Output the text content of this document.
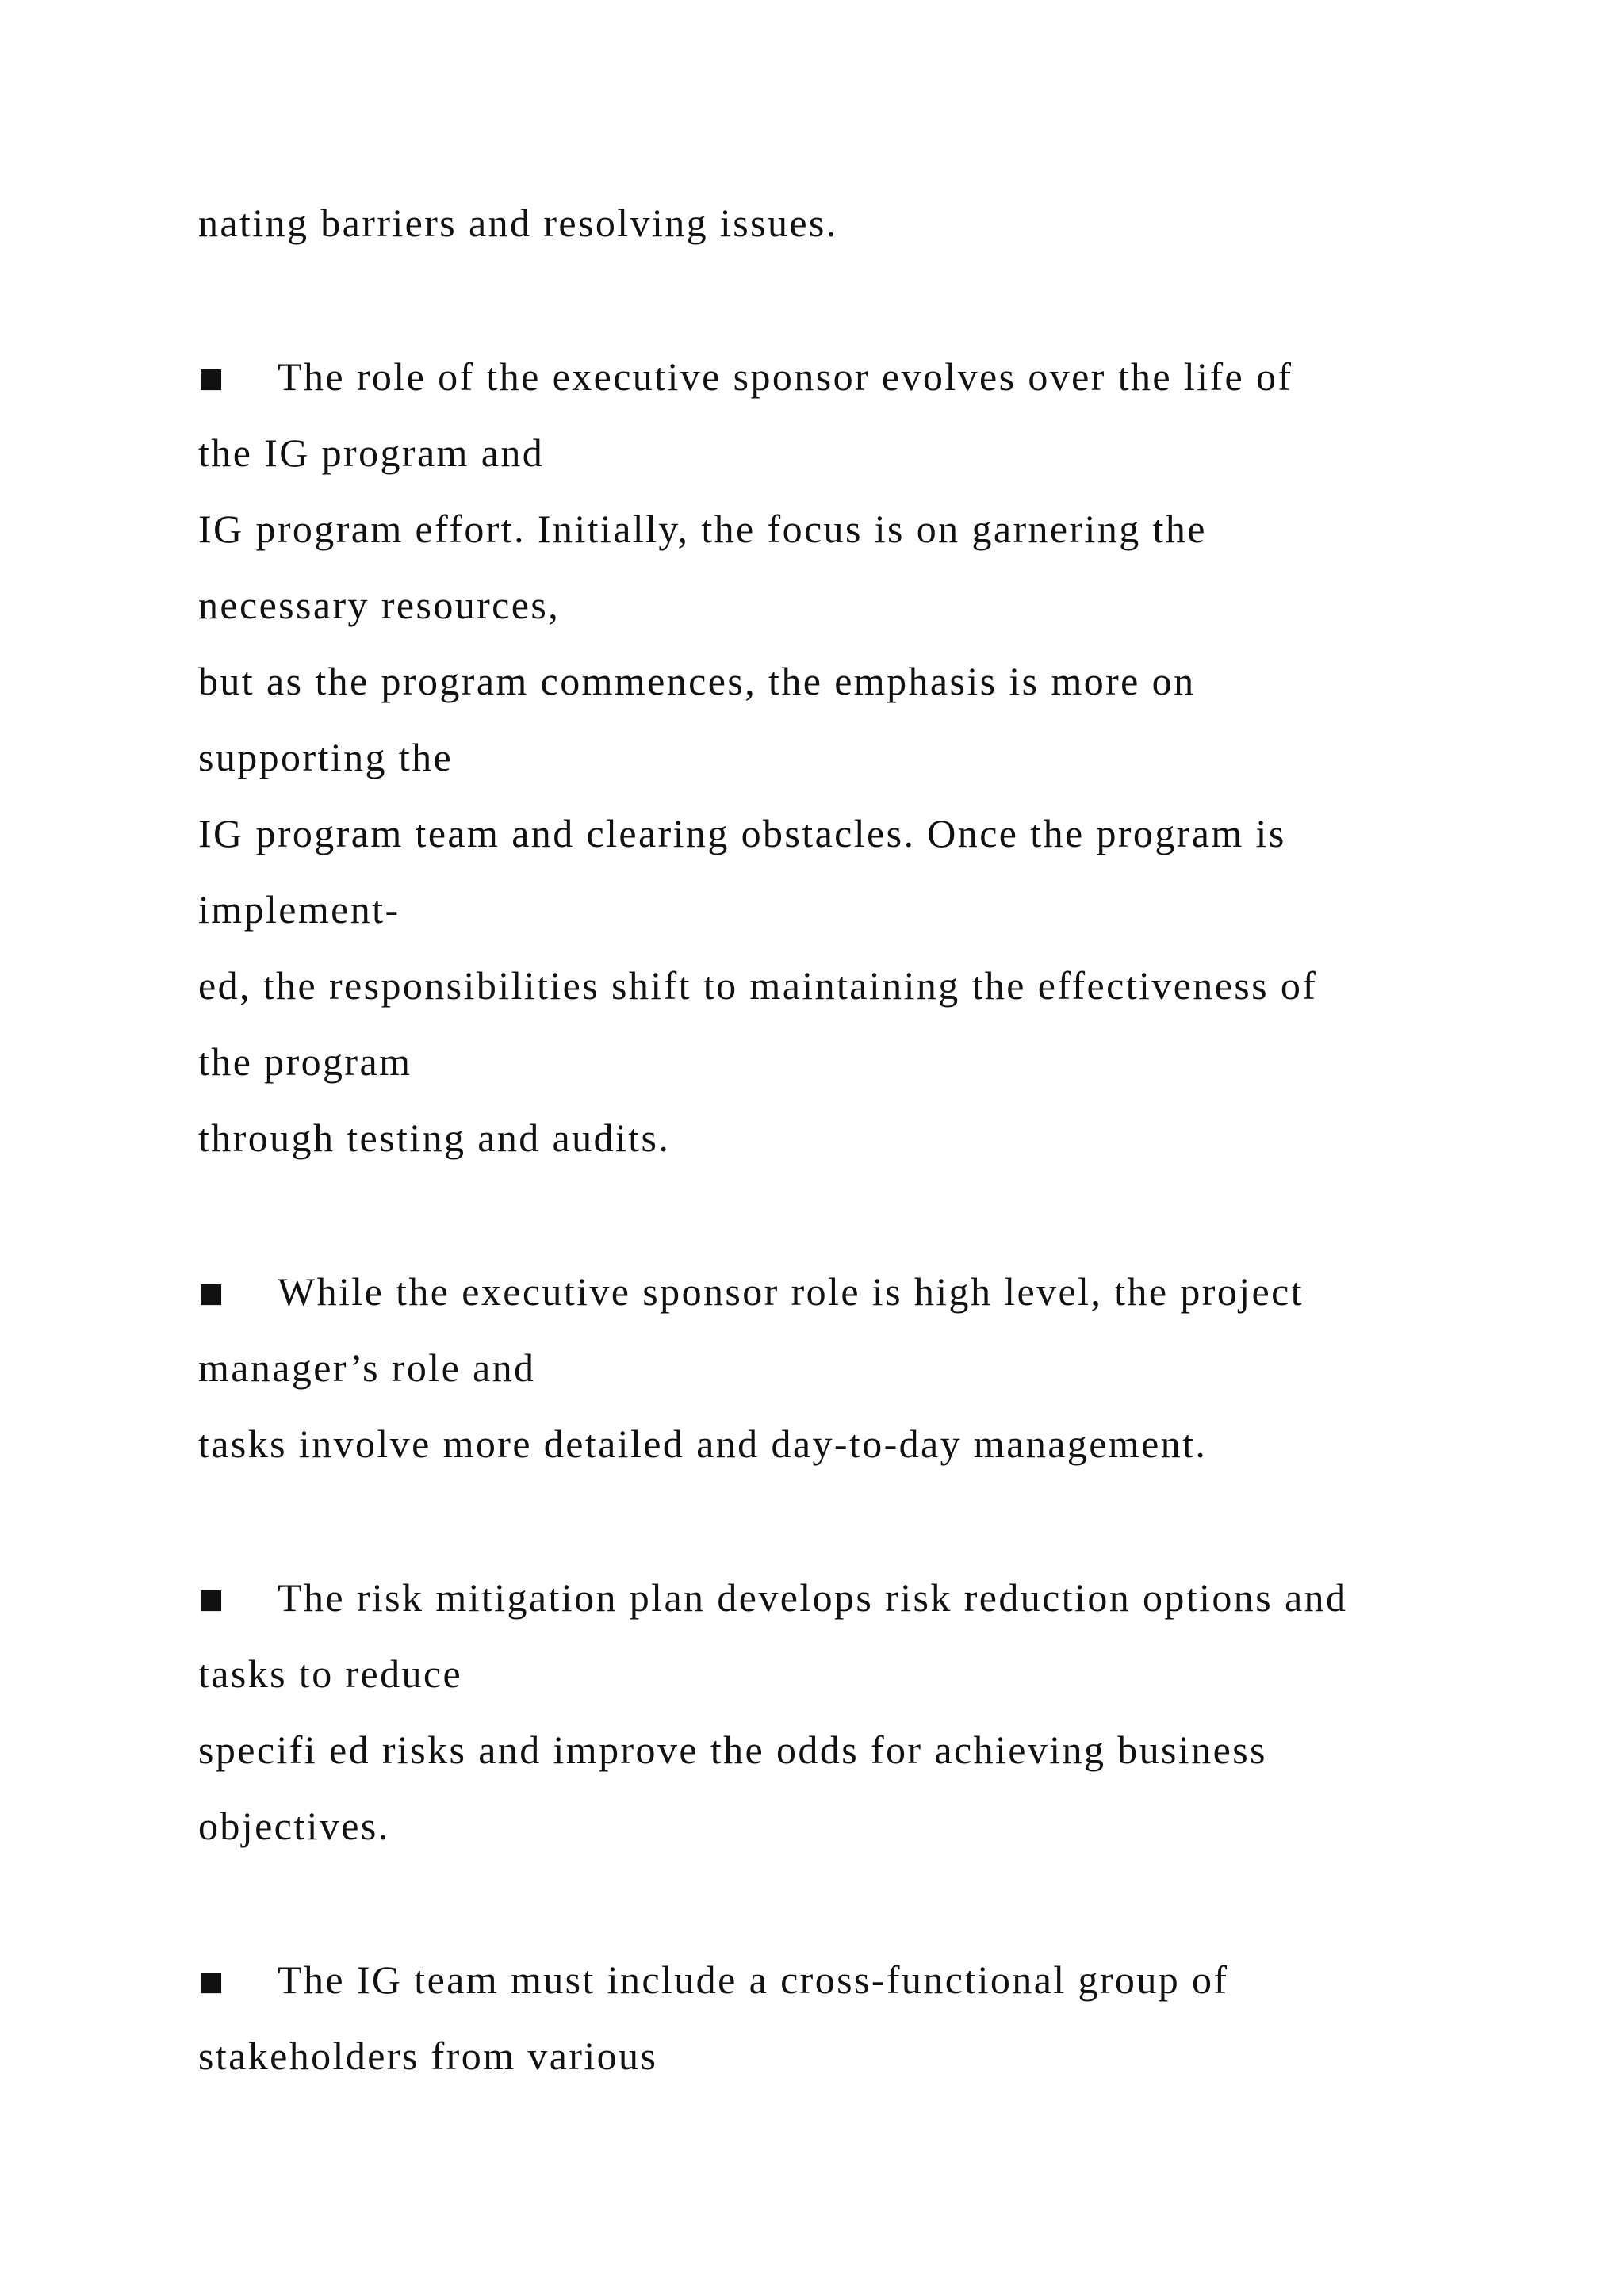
nating barriers and resolving issues.
■ The role of the executive sponsor evolves over the life of
the IG program and
IG program effort. Initially, the focus is on garnering the
necessary resources,
but as the program commences, the emphasis is more on
supporting the
IG program team and clearing obstacles. Once the program is
implement-
ed, the responsibilities shift to maintaining the effectiveness of
the program
through testing and audits.
■ While the executive sponsor role is high level, the project
manager’s role and
tasks involve more detailed and day-to-day management.
■ The risk mitigation plan develops risk reduction options and
tasks to reduce
specifi ed risks and improve the odds for achieving business
objectives.
■ The IG team must include a cross-functional group of
stakeholders from various
